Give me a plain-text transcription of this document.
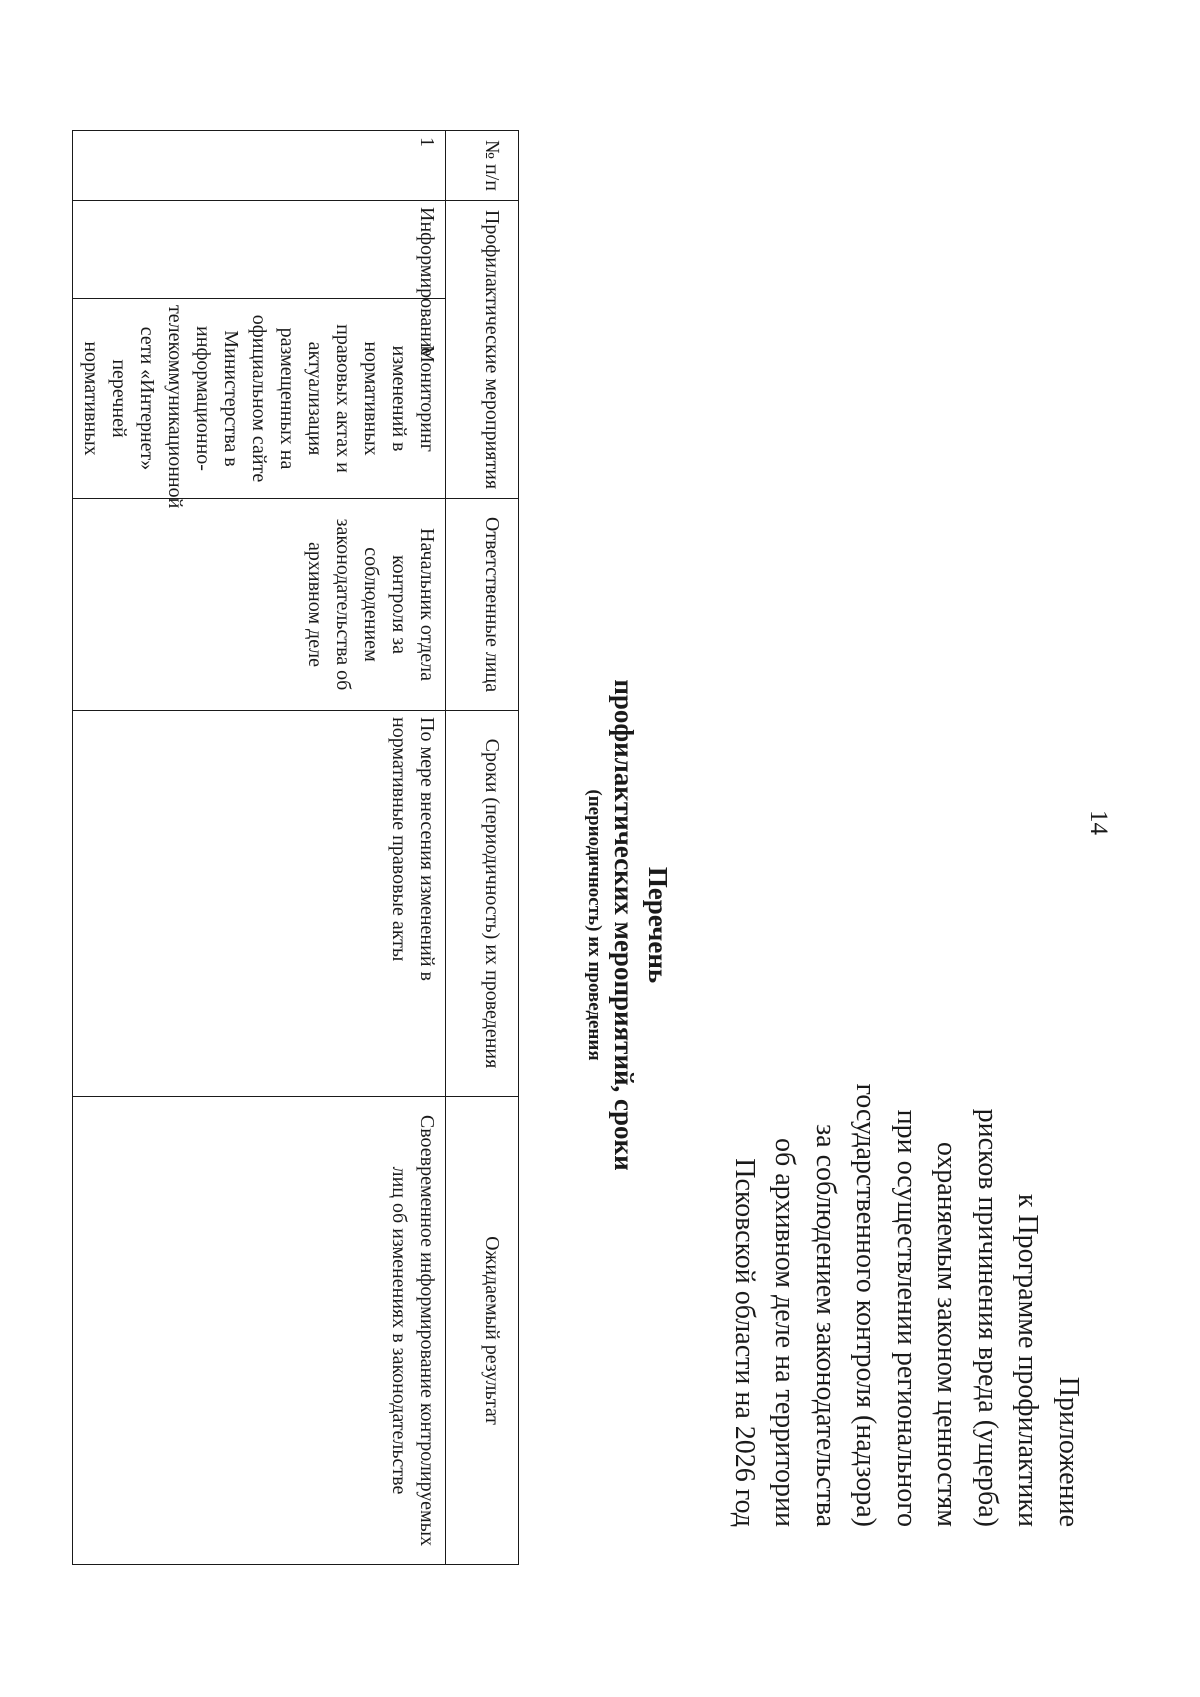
14
Приложение
к Программе профилактики
рисков причинения вреда (ущерба)
охраняемым законом ценностям
при осуществлении регионального
государственного контроля (надзора)
за соблюдением законодательства
об архивном деле на территории
Псковской области на 2026 год
Перечень
профилактических мероприятий, сроки
(периодичность) их проведения
№ п/п	Профилактические мероприятия		Ответственные лица	Сроки (периодичность) их проведения	Ожидаемый результат
1	Информирование	Мониторинг изменений в нормативных правовых актах и актуализация размещенных на официальном сайте Министерства в информационно-телекоммуникационной сети «Интернет» перечней нормативных	Начальник отдела контроля за соблюдением законодательства об архивном деле	По мере внесения изменений в нормативные правовые акты	Своевременное информирование контролируемых лиц об изменениях в законодательстве
